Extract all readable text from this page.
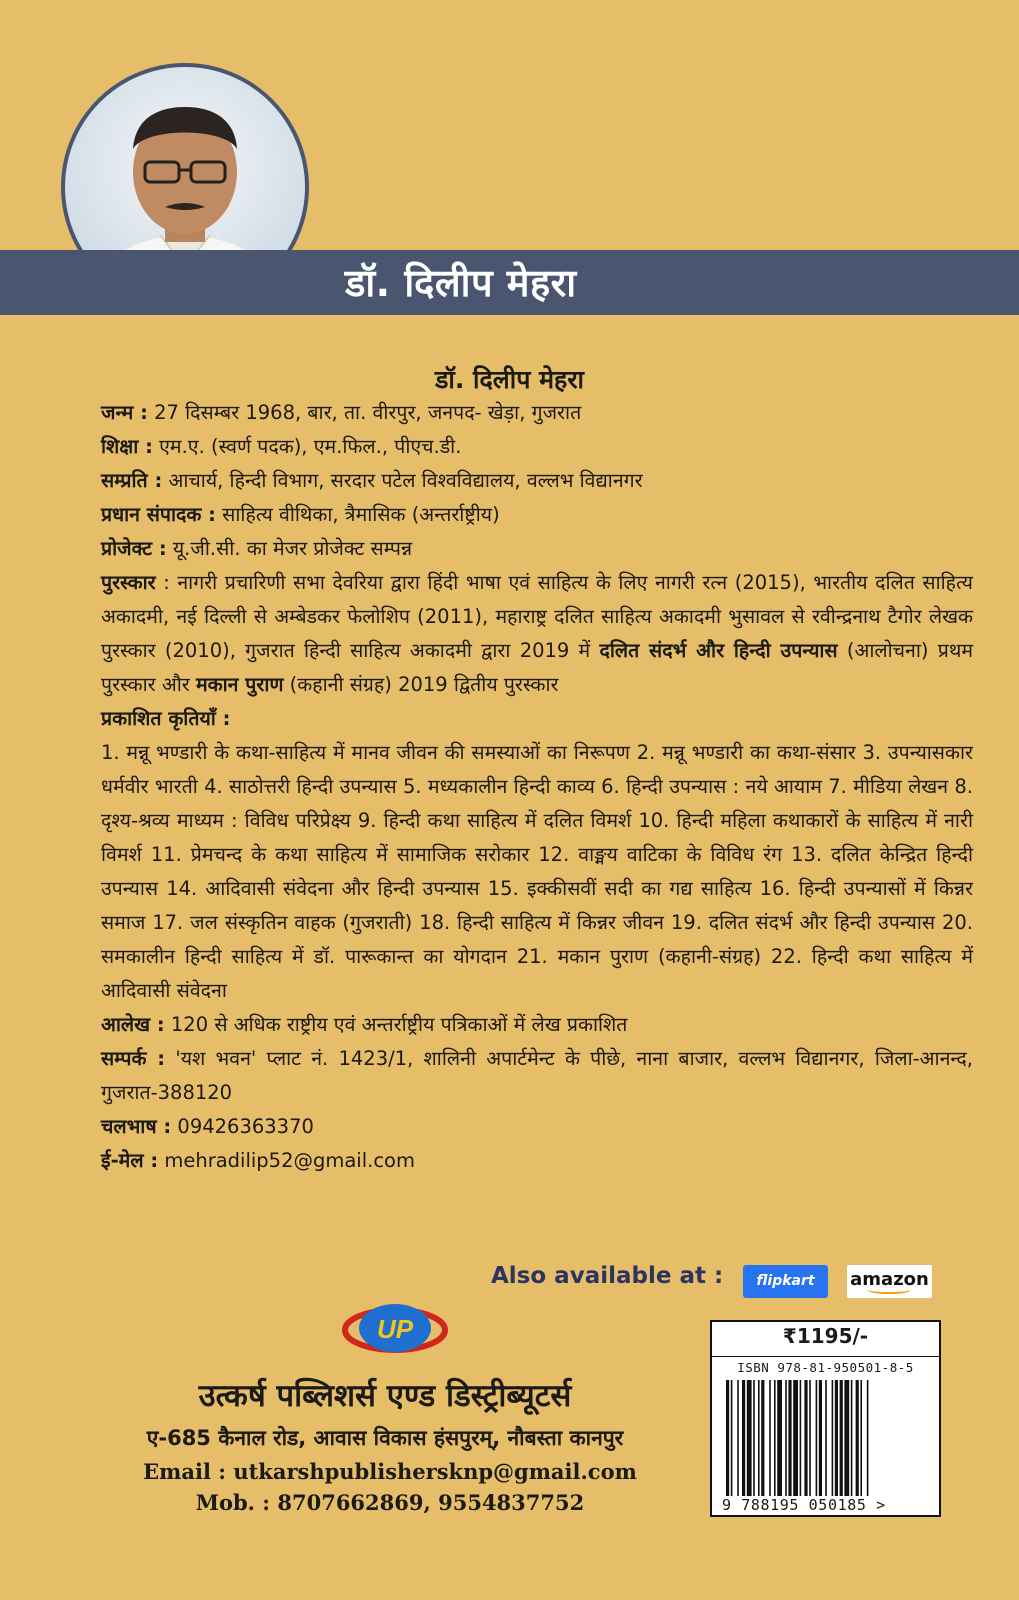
डॉ. दिलीप मेहरा
डॉ. दिलीप मेहरा

जन्म : 27 दिसम्बर 1968, बार, ता. वीरपुर, जनपद- खेड़ा, गुजरात

शिक्षा : एम.ए. (स्वर्ण पदक), एम.फिल., पीएच.डी.

सम्प्रति : आचार्य, हिन्दी विभाग, सरदार पटेल विश्वविद्यालय, वल्लभ विद्यानगर

प्रधान संपादक : साहित्य वीथिका, त्रैमासिक (अन्तर्राष्ट्रीय)

प्रोजेक्ट : यू.जी.सी. का मेजर प्रोजेक्ट सम्पन्न

पुरस्कार : नागरी प्रचारिणी सभा देवरिया द्वारा हिंदी भाषा एवं साहित्य के लिए नागरी रत्न (2015), भारतीय दलित साहित्य अकादमी, नई दिल्ली से अम्बेडकर फेलोशिप (2011), महाराष्ट्र दलित साहित्य अकादमी भुसावल से रवीन्द्रनाथ टैगोर लेखक पुरस्कार (2010), गुजरात हिन्दी साहित्य अकादमी द्वारा 2019 में दलित संदर्भ और हिन्दी उपन्यास (आलोचना) प्रथम पुरस्कार और मकान पुराण (कहानी संग्रह) 2019 द्वितीय पुरस्कार

प्रकाशित कृतियाँ :

1. मन्नू भण्डारी के कथा-साहित्य में मानव जीवन की समस्याओं का निरूपण 2. मन्नू भण्डारी का कथा-संसार 3. उपन्यासकार धर्मवीर भारती 4. साठोत्तरी हिन्दी उपन्यास 5. मध्यकालीन हिन्दी काव्य 6. हिन्दी उपन्यास : नये आयाम 7. मीडिया लेखन 8. दृश्य-श्रव्य माध्यम : विविध परिप्रेक्ष्य 9. हिन्दी कथा साहित्य में दलित विमर्श 10. हिन्दी महिला कथाकारों के साहित्य में नारी विमर्श 11. प्रेमचन्द के कथा साहित्य में सामाजिक सरोकार 12. वाङ्मय वाटिका के विविध रंग 13. दलित केन्द्रित हिन्दी उपन्यास 14. आदिवासी संवेदना और हिन्दी उपन्यास 15. इक्कीसवीं सदी का गद्य साहित्य 16. हिन्दी उपन्यासों में किन्नर समाज 17. जल संस्कृतिन वाहक (गुजराती) 18. हिन्दी साहित्य में किन्नर जीवन 19. दलित संदर्भ और हिन्दी उपन्यास 20. समकालीन हिन्दी साहित्य में डॉ. पारूकान्त का योगदान 21. मकान पुराण (कहानी-संग्रह) 22. हिन्दी कथा साहित्य में आदिवासी संवेदना

आलेख : 120 से अधिक राष्ट्रीय एवं अन्तर्राष्ट्रीय पत्रिकाओं में लेख प्रकाशित

सम्पर्क : 'यश भवन' प्लाट नं. 1423/1, शालिनी अपार्टमेन्ट के पीछे, नाना बाजार, वल्लभ विद्यानगर, जिला-आनन्द, गुजरात-388120

चलभाष : 09426363370

ई-मेल : mehradilip52@gmail.com

Also available at :	flipkart	amazon
UP
उत्कर्ष पब्लिशर्स एण्ड डिस्ट्रीब्यूटर्स
ए-685 कैनाल रोड, आवास विकास हंसपुरम्, नौबस्ता कानपुर
Email : utkarshpublishersknp@gmail.com
Mob. : 8707662869, 9554837752
₹1195/-
ISBN 978-81-950501-8-5
9 788195 050185 >
